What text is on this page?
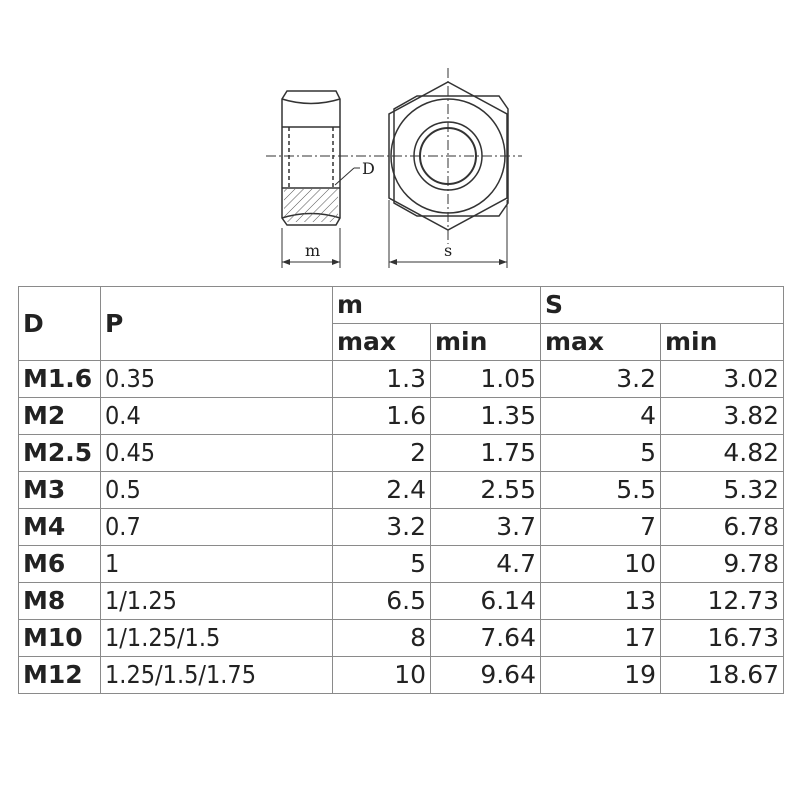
D
m	s
D	P	m		S	
		max	min	max	min
M1.6	0.35	1.3	1.05	3.2	3.02
M2	0.4	1.6	1.35	4	3.82
M2.5	0.45	2	1.75	5	4.82
M3	0.5	2.4	2.55	5.5	5.32
M4	0.7	3.2	3.7	7	6.78
M6	1	5	4.7	10	9.78
M8	1/1.25	6.5	6.14	13	12.73
M10	1/1.25/1.5	8	7.64	17	16.73
M12	1.25/1.5/1.75	10	9.64	19	18.67
